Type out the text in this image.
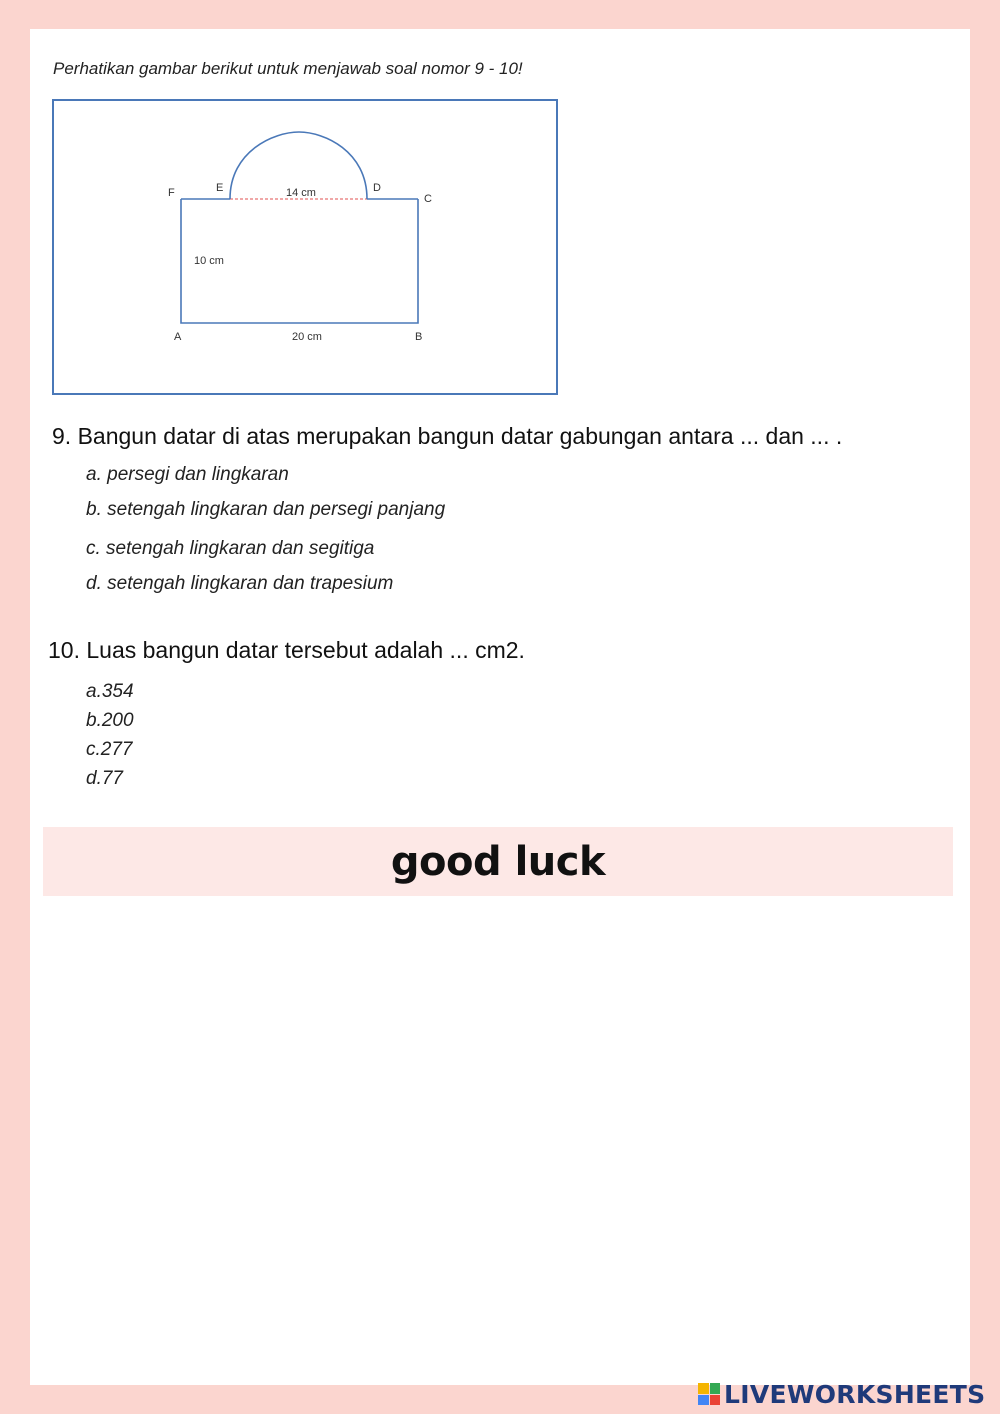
Perhatikan gambar berikut untuk menjawab soal nomor 9 - 10!
F	E	14 cm	D
C
10 cm
A	20 cm	B
9. Bangun datar di atas merupakan bangun datar gabungan antara ... dan ... .
a. persegi dan lingkaran
b. setengah lingkaran dan persegi panjang
c. setengah lingkaran dan segitiga
d. setengah lingkaran dan trapesium
10. Luas bangun datar tersebut adalah ... cm2.
a.354
b.200
c.277
d.77
good luck
LIVEWORKSHEETS
